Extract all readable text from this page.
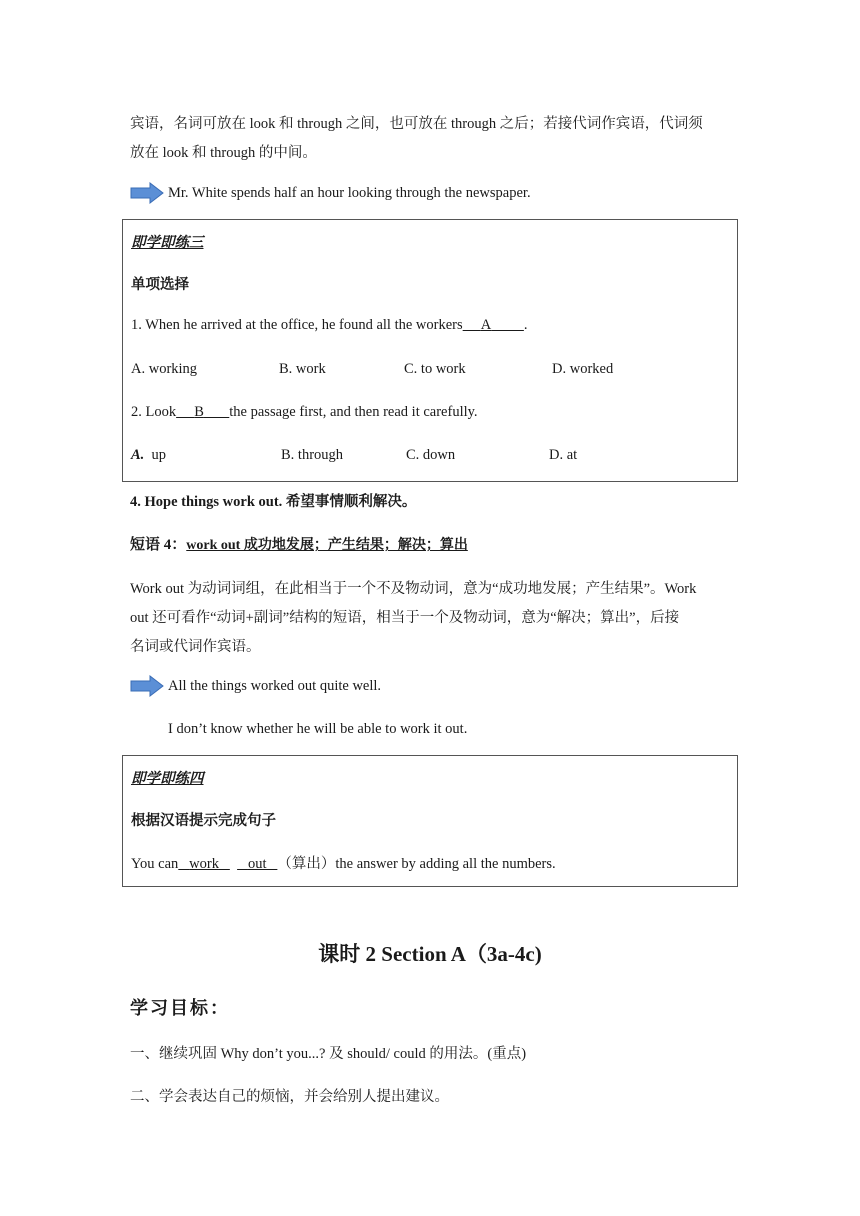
宾语，名词可放在 look 和 through 之间，也可放在 through 之后；若接代词作宾语，代词须
放在 look 和 through 的中间。
Mr. White spends half an hour looking through the newspaper.
即学即练三
单项选择
1. When he arrived at the office, he found all the workers A .
A. working	B. work	C. to work	D. worked
2. Look B the passage first, and then read it carefully.
A. up	B. through	C. down	D. at
4. Hope things work out. 希望事情顺利解决。
短语 4：work out 成功地发展；产生结果；解决；算出
Work out 为动词词组，在此相当于一个不及物动词，意为“成功地发展；产生结果”。Work
out 还可看作“动词+副词”结构的短语，相当于一个及物动词，意为“解决；算出”，后接
名词或代词作宾语。
All the things worked out quite well.
I don’t know whether he will be able to work it out.
即学即练四
根据汉语提示完成句子
You can work out （算出）the answer by adding all the numbers.
课时 2 Section A（3a-4c)
学习目标：
一、继续巩固 Why don’t you...? 及 should/ could 的用法。(重点)
二、学会表达自己的烦恼，并会给别人提出建议。
